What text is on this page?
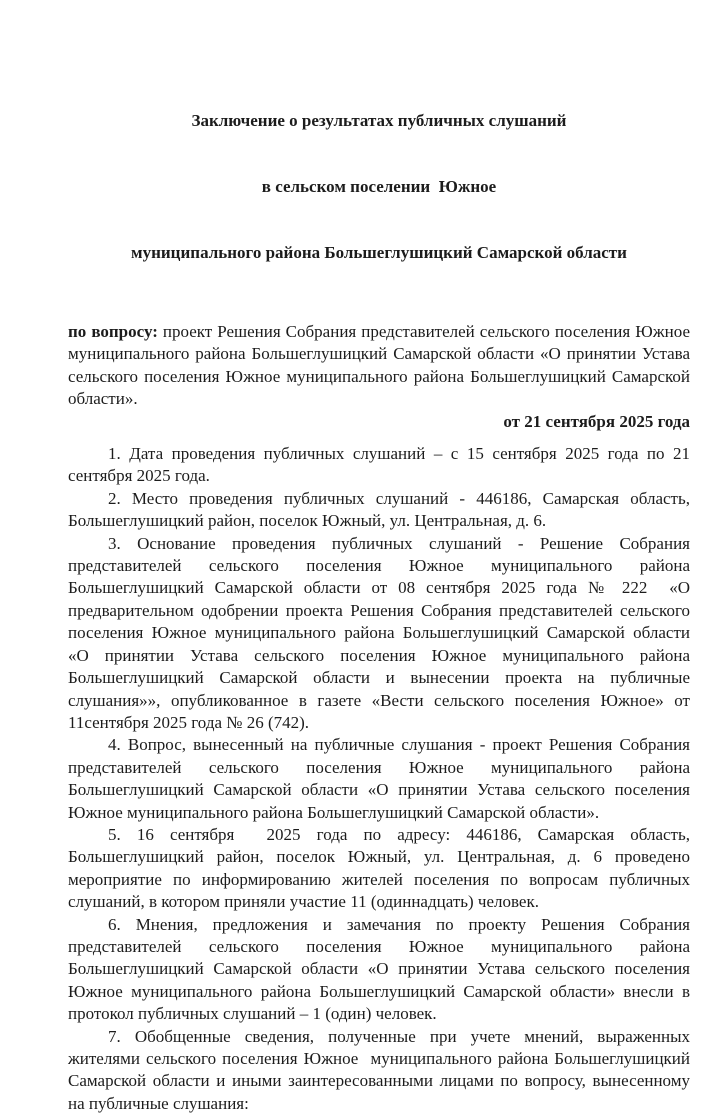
Заключение о результатах публичных слушаний

в сельском поселении  Южное

муниципального района Большеглушицкий Самарской области

по вопросу: проект Решения Собрания представителей сельского поселения Южное муниципального района Большеглушицкий Самарской области «О принятии Устава сельского поселения Южное муниципального района Большеглушицкий Самарской области».

от 21 сентября 2025 года

1. Дата проведения публичных слушаний – с 15 сентября 2025 года по 21 сентября 2025 года.

2. Место проведения публичных слушаний - 446186, Самарская область, Большеглушицкий район, поселок Южный, ул. Центральная, д. 6.

3. Основание проведения публичных слушаний - Решение Собрания представителей сельского поселения Южное муниципального района Большеглушицкий Самарской области от 08 сентября 2025 года № 222  «О предварительном одобрении проекта Решения Собрания представителей сельского поселения Южное муниципального района Большеглушицкий Самарской области «О принятии Устава сельского поселения Южное муниципального района Большеглушицкий Самарской области и вынесении проекта на публичные слушания»», опубликованное в газете «Вести сельского поселения Южное» от 11сентября 2025 года № 26 (742).

4. Вопрос, вынесенный на публичные слушания - проект Решения Собрания представителей сельского поселения Южное муниципального района Большеглушицкий Самарской области «О принятии Устава сельского поселения Южное муниципального района Большеглушицкий Самарской области».

5. 16 сентября  2025 года по адресу: 446186, Самарская область, Большеглушицкий район, поселок Южный, ул. Центральная, д. 6 проведено мероприятие по информированию жителей поселения по вопросам публичных слушаний, в котором приняли участие 11 (одиннадцать) человек.

6. Мнения, предложения и замечания по проекту Решения Собрания представителей сельского поселения Южное муниципального района Большеглушицкий Самарской области «О принятии Устава сельского поселения Южное муниципального района Большеглушицкий Самарской области» внесли в протокол публичных слушаний – 1 (один) человек.

7. Обобщенные сведения, полученные при учете мнений, выраженных жителями сельского поселения Южное  муниципального района Большеглушицкий Самарской области и иными заинтересованными лицами по вопросу, вынесенному на публичные слушания:
